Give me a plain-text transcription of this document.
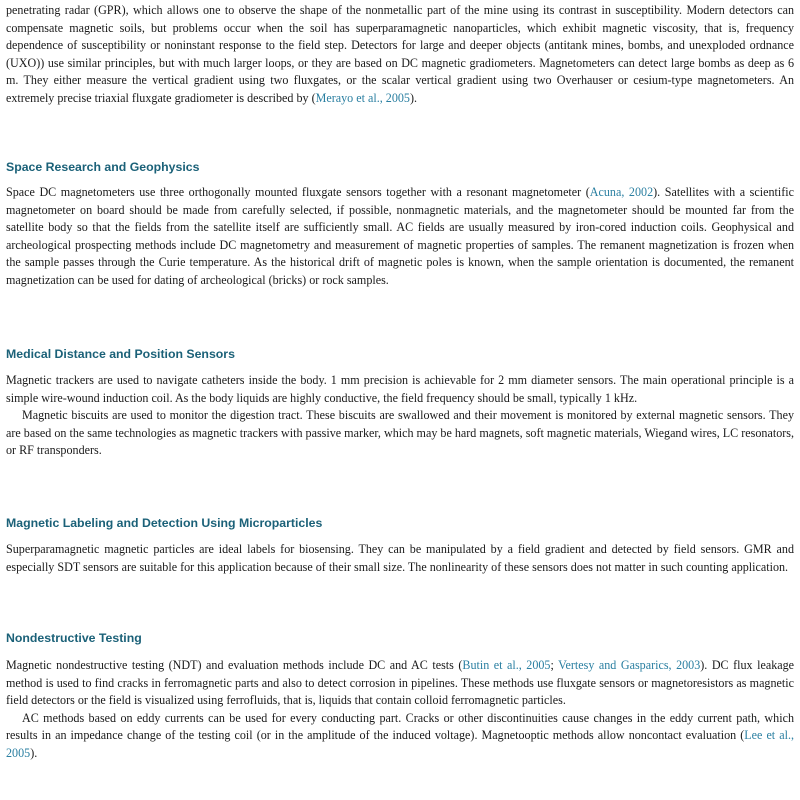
penetrating radar (GPR), which allows one to observe the shape of the nonmetallic part of the mine using its contrast in susceptibility. Modern detectors can compensate magnetic soils, but problems occur when the soil has superparamagnetic nanoparticles, which exhibit magnetic viscosity, that is, frequency dependence of susceptibility or noninstant response to the field step. Detectors for large and deeper objects (antitank mines, bombs, and unexploded ordnance (UXO)) use similar principles, but with much larger loops, or they are based on DC magnetic gradiometers. Magnetometers can detect large bombs as deep as 6 m. They either measure the vertical gradient using two fluxgates, or the scalar vertical gradient using two Overhauser or cesium-type magnetometers. An extremely precise triaxial fluxgate gradiometer is described by (Merayo et al., 2005).

Space Research and Geophysics

Space DC magnetometers use three orthogonally mounted fluxgate sensors together with a resonant magnetometer (Acuna, 2002). Satellites with a scientific magnetometer on board should be made from carefully selected, if possible, nonmagnetic materials, and the magnetometer should be mounted far from the satellite body so that the fields from the satellite itself are sufficiently small. AC fields are usually measured by iron-cored induction coils. Geophysical and archeological prospecting methods include DC magnetometry and measurement of magnetic properties of samples. The remanent magnetization is frozen when the sample passes through the Curie temperature. As the historical drift of magnetic poles is known, when the sample orientation is documented, the remanent magnetization can be used for dating of archeological (bricks) or rock samples.

Medical Distance and Position Sensors

Magnetic trackers are used to navigate catheters inside the body. 1 mm precision is achievable for 2 mm diameter sensors. The main operational principle is a simple wire-wound induction coil. As the body liquids are highly conductive, the field frequency should be small, typically 1 kHz.

Magnetic biscuits are used to monitor the digestion tract. These biscuits are swallowed and their movement is monitored by external magnetic sensors. They are based on the same technologies as magnetic trackers with passive marker, which may be hard magnets, soft magnetic materials, Wiegand wires, LC resonators, or RF transponders.

Magnetic Labeling and Detection Using Microparticles

Superparamagnetic magnetic particles are ideal labels for biosensing. They can be manipulated by a field gradient and detected by field sensors. GMR and especially SDT sensors are suitable for this application because of their small size. The nonlinearity of these sensors does not matter in such counting application.

Nondestructive Testing

Magnetic nondestructive testing (NDT) and evaluation methods include DC and AC tests (Butin et al., 2005; Vertesy and Gasparics, 2003). DC flux leakage method is used to find cracks in ferromagnetic parts and also to detect corrosion in pipelines. These methods use fluxgate sensors or magnetoresistors as magnetic field detectors or the field is visualized using ferrofluids, that is, liquids that contain colloid ferromagnetic particles.

AC methods based on eddy currents can be used for every conducting part. Cracks or other discontinuities cause changes in the eddy current path, which results in an impedance change of the testing coil (or in the amplitude of the induced voltage). Magnetooptic methods allow noncontact evaluation (Lee et al., 2005).
